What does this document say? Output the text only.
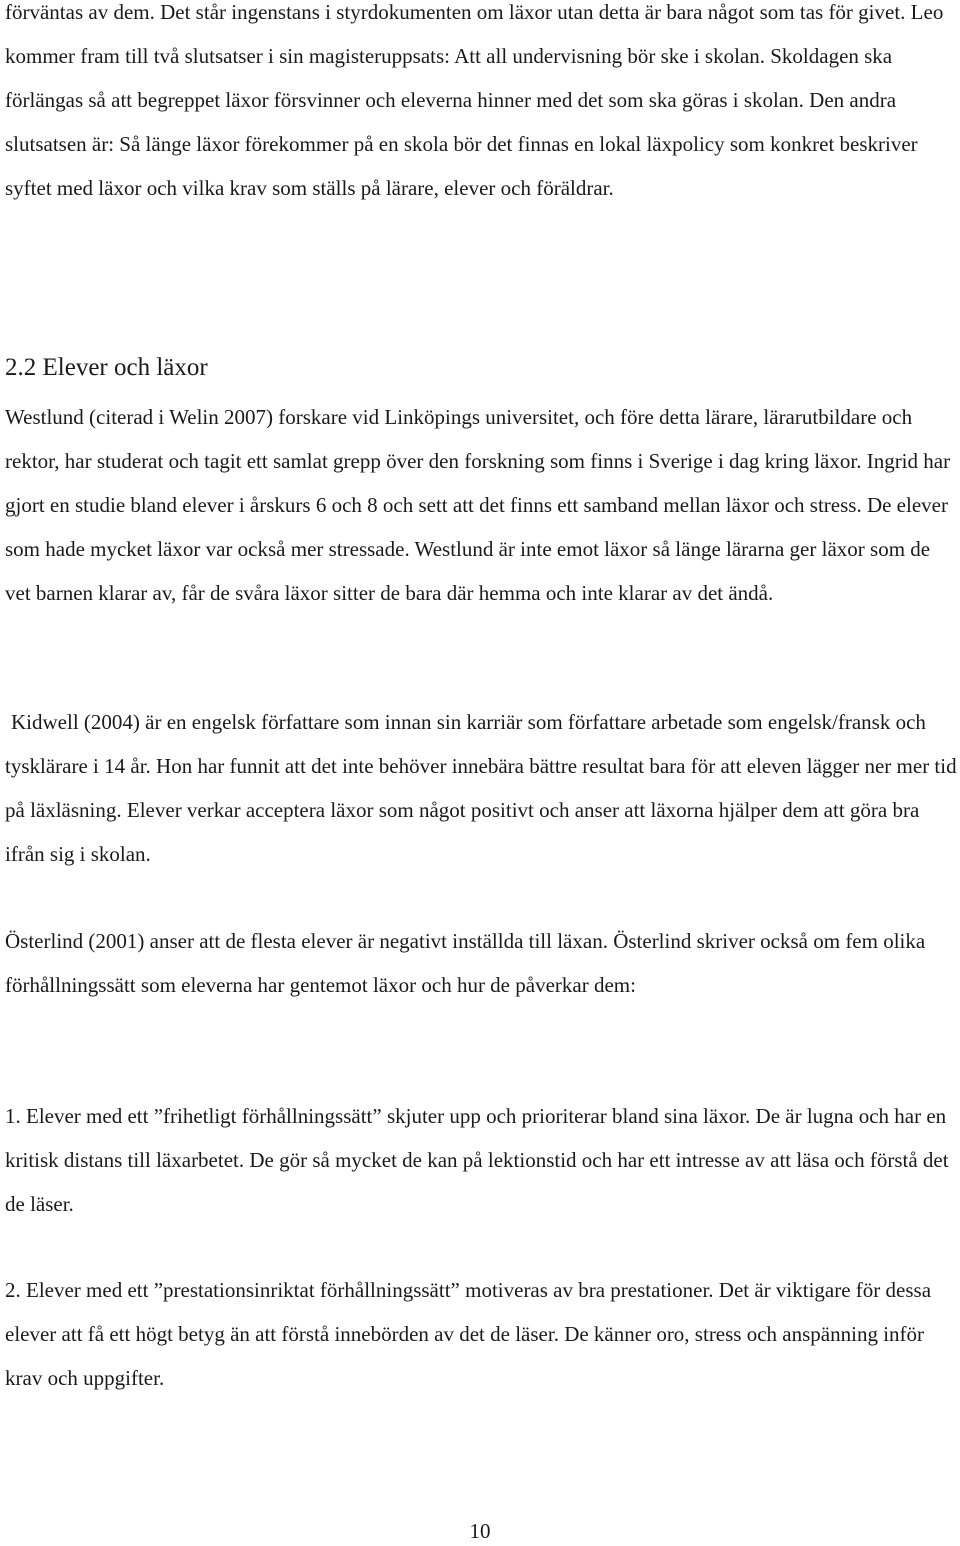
förväntas av dem. Det står ingenstans i styrdokumenten om läxor utan detta är bara något som tas för givet. Leo kommer fram till två slutsatser i sin magisteruppsats: Att all undervisning bör ske i skolan. Skoldagen ska förlängas så att begreppet läxor försvinner och eleverna hinner med det som ska göras i skolan. Den andra slutsatsen är: Så länge läxor förekommer på en skola bör det finnas en lokal läxpolicy som konkret beskriver syftet med läxor och vilka krav som ställs på lärare, elever och föräldrar.

2.2 Elever och läxor

Westlund (citerad i Welin 2007) forskare vid Linköpings universitet, och före detta lärare, lärarutbildare och rektor, har studerat och tagit ett samlat grepp över den forskning som finns i Sverige i dag kring läxor. Ingrid har gjort en studie bland elever i årskurs 6 och 8 och sett att det finns ett samband mellan läxor och stress. De elever som hade mycket läxor var också mer stressade. Westlund är inte emot läxor så länge lärarna ger läxor som de vet barnen klarar av, får de svåra läxor sitter de bara där hemma och inte klarar av det ändå.

Kidwell (2004) är en engelsk författare som innan sin karriär som författare arbetade som engelsk/fransk och tysklärare i 14 år. Hon har funnit att det inte behöver innebära bättre resultat bara för att eleven lägger ner mer tid på läxläsning. Elever verkar acceptera läxor som något positivt och anser att läxorna hjälper dem att göra bra ifrån sig i skolan.

Österlind (2001) anser att de flesta elever är negativt inställda till läxan. Österlind skriver också om fem olika förhållningssätt som eleverna har gentemot läxor och hur de påverkar dem:

1. Elever med ett ”frihetligt förhållningssätt” skjuter upp och prioriterar bland sina läxor. De är lugna och har en kritisk distans till läxarbetet. De gör så mycket de kan på lektionstid och har ett intresse av att läsa och förstå det de läser.

2. Elever med ett ”prestationsinriktat förhållningssätt” motiveras av bra prestationer. Det är viktigare för dessa elever att få ett högt betyg än att förstå innebörden av det de läser. De känner oro, stress och anspänning inför krav och uppgifter.

10
